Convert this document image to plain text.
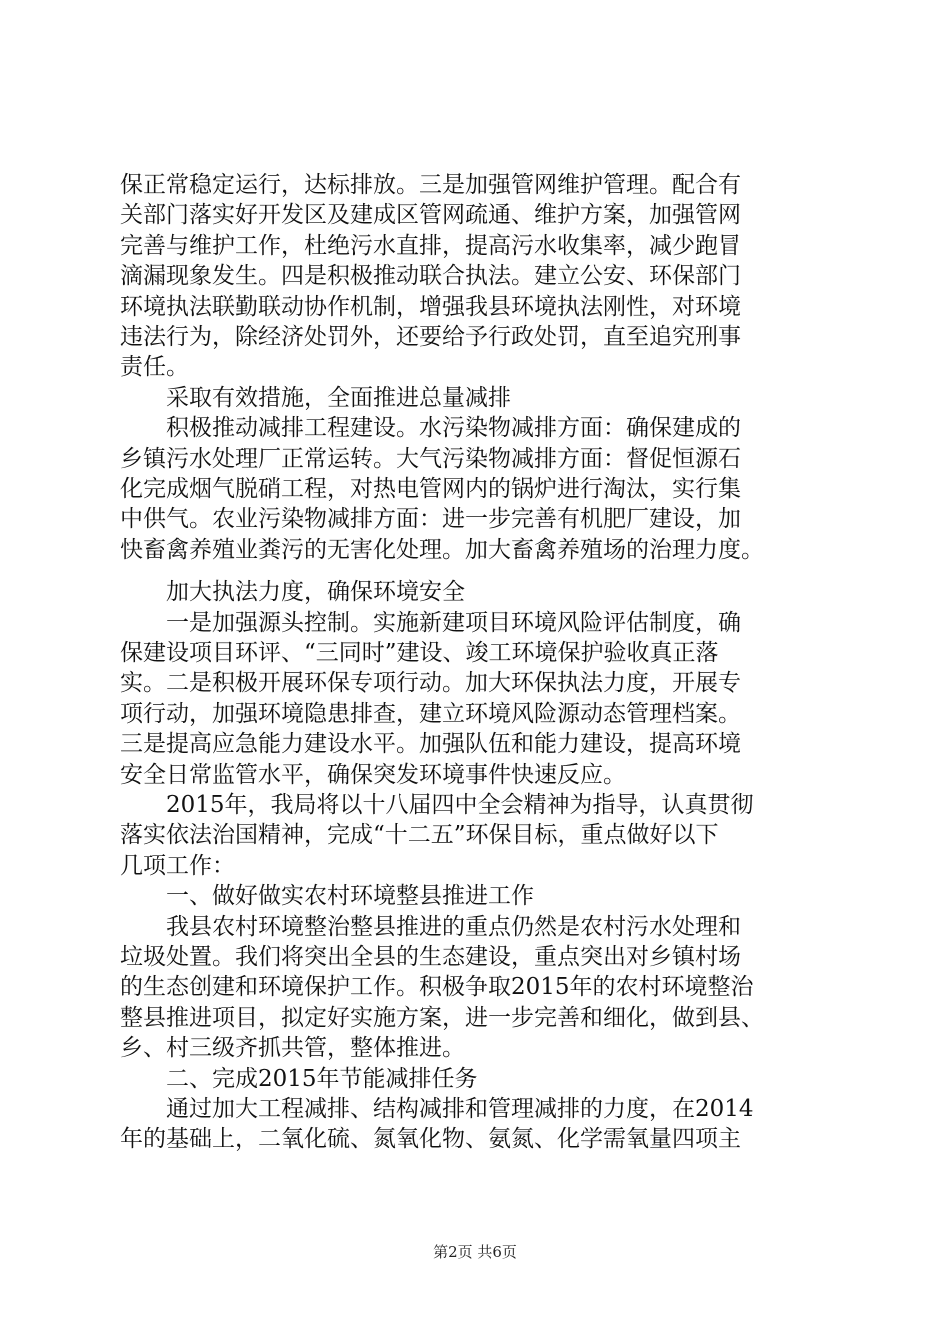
保正常稳定运行，达标排放。三是加强管网维护管理。配合有
关部门落实好开发区及建成区管网疏通、维护方案，加强管网
完善与维护工作，杜绝污水直排，提高污水收集率，减少跑冒
滴漏现象发生。四是积极推动联合执法。建立公安、环保部门
环境执法联勤联动协作机制，增强我县环境执法刚性，对环境
违法行为，除经济处罚外，还要给予行政处罚，直至追究刑事
责任。
　　采取有效措施，全面推进总量减排
　　积极推动减排工程建设。水污染物减排方面：确保建成的
乡镇污水处理厂正常运转。大气污染物减排方面：督促恒源石
化完成烟气脱硝工程，对热电管网内的锅炉进行淘汰，实行集
中供气。农业污染物减排方面：进一步完善有机肥厂建设，加
快畜禽养殖业粪污的无害化处理。加大畜禽养殖场的治理力度。
　　加大执法力度，确保环境安全
　　一是加强源头控制。实施新建项目环境风险评估制度，确
保建设项目环评、“三同时”建设、竣工环境保护验收真正落
实。二是积极开展环保专项行动。加大环保执法力度，开展专
项行动，加强环境隐患排查，建立环境风险源动态管理档案。
三是提高应急能力建设水平。加强队伍和能力建设，提高环境
安全日常监管水平，确保突发环境事件快速反应。
　　2015年，我局将以十八届四中全会精神为指导，认真贯彻
落实依法治国精神，完成“十二五”环保目标，重点做好以下
几项工作：
　　一、做好做实农村环境整县推进工作
　　我县农村环境整治整县推进的重点仍然是农村污水处理和
垃圾处置。我们将突出全县的生态建设，重点突出对乡镇村场
的生态创建和环境保护工作。积极争取2015年的农村环境整治
整县推进项目，拟定好实施方案，进一步完善和细化，做到县、
乡、村三级齐抓共管，整体推进。
　　二、完成2015年节能减排任务
　　通过加大工程减排、结构减排和管理减排的力度，在2014
年的基础上，二氧化硫、氮氧化物、氨氮、化学需氧量四项主
第2页 共6页
